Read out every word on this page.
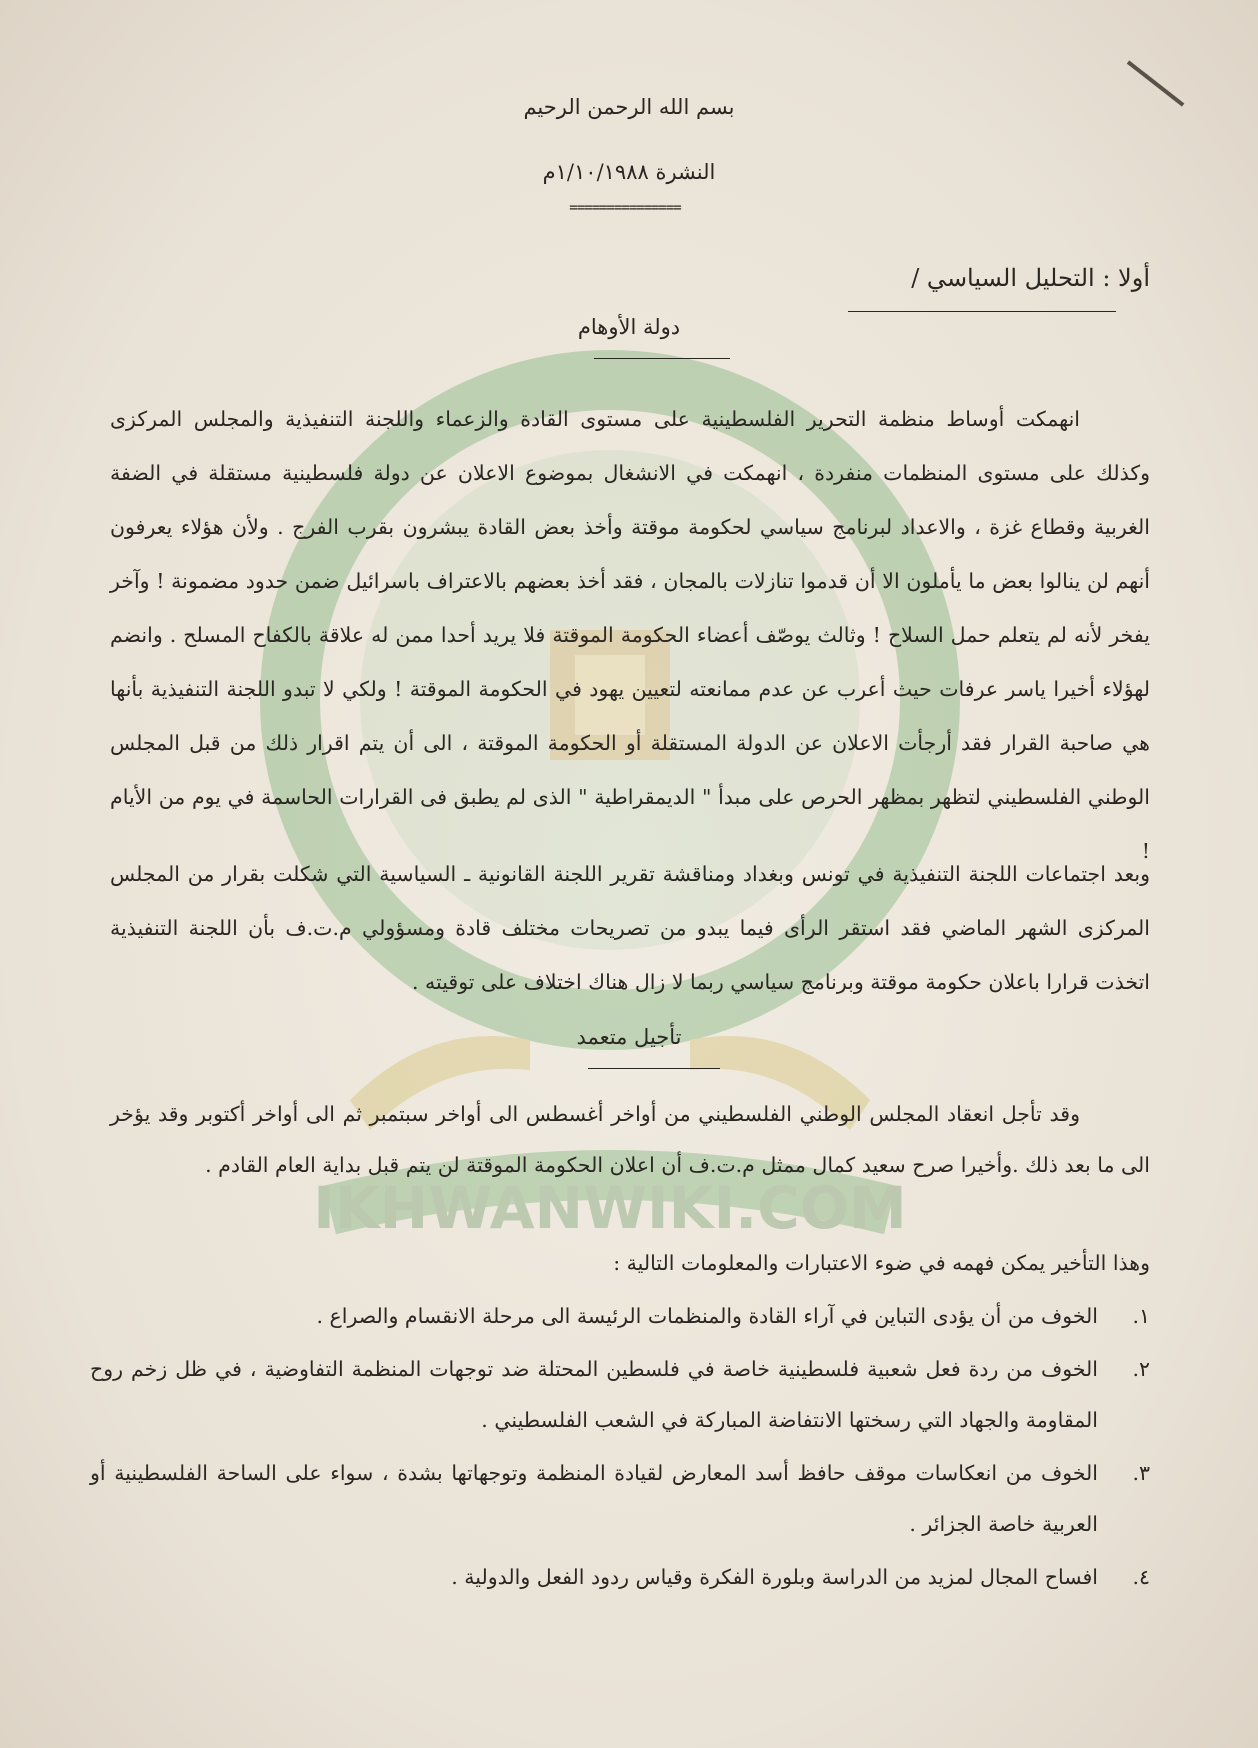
IKHWANWIKI.COM
بسم الله الرحمن الرحيم
النشرة ١/١٠/١٩٨٨م
===============
أولا : التحليل السياسي /
دولة الأوهام
انهمكت أوساط منظمة التحرير الفلسطينية على مستوى القادة والزعماء واللجنة التنفيذية والمجلس المركزى وكذلك على مستوى المنظمات منفردة ، انهمكت في الانشغال بموضوع الاعلان عن دولة فلسطينية مستقلة في الضفة الغربية وقطاع غزة ، والاعداد لبرنامج سياسي لحكومة موقتة وأخذ بعض القادة يبشرون بقرب الفرج . ولأن هؤلاء يعرفون أنهم لن ينالوا بعض ما يأملون الا أن قدموا تنازلات بالمجان ، فقد أخذ بعضهم بالاعتراف باسرائيل ضمن حدود مضمونة ! وآخر يفخر لأنه لم يتعلم حمل السلاح ! وثالث يوصّف أعضاء الحكومة الموقتة فلا يريد أحدا ممن له علاقة بالكفاح المسلح . وانضم لهؤلاء أخيرا ياسر عرفات حيث أعرب عن عدم ممانعته لتعيين يهود في الحكومة الموقتة ! ولكي لا تبدو اللجنة التنفيذية بأنها هي صاحبة القرار فقد أرجأت الاعلان عن الدولة المستقلة أو الحكومة الموقتة ، الى أن يتم اقرار ذلك من قبل المجلس الوطني الفلسطيني لتظهر بمظهر الحرص على مبدأ " الديمقراطية " الذى لم يطبق فى القرارات الحاسمة في يوم من الأيام !
وبعد اجتماعات اللجنة التنفيذية في تونس وبغداد ومناقشة تقرير اللجنة القانونية ـ السياسية التي شكلت بقرار من المجلس المركزى الشهر الماضي فقد استقر الرأى فيما يبدو من تصريحات مختلف قادة ومسؤولي م.ت.ف بأن اللجنة التنفيذية اتخذت قرارا باعلان حكومة موقتة وبرنامج سياسي ربما لا زال هناك اختلاف على توقيته .
تأجيل متعمد
وقد تأجل انعقاد المجلس الوطني الفلسطيني من أواخر أغسطس الى أواخر سبتمبر ثم الى أواخر أكتوبر وقد يؤخر الى ما بعد ذلك .وأخيرا صرح سعيد كمال ممثل م.ت.ف أن اعلان الحكومة الموقتة لن يتم قبل بداية العام القادم .
وهذا التأخير يمكن فهمه في ضوء الاعتبارات والمعلومات التالية :
١.
الخوف من أن يؤدى التباين في آراء القادة والمنظمات الرئيسة الى مرحلة الانقسام والصراع .
٢.
الخوف من ردة فعل شعبية فلسطينية خاصة في فلسطين المحتلة ضد توجهات المنظمة التفاوضية ، في ظل زخم روح المقاومة والجهاد التي رسختها الانتفاضة المباركة في الشعب الفلسطيني .
٣.
الخوف من انعكاسات موقف حافظ أسد المعارض لقيادة المنظمة وتوجهاتها بشدة ، سواء على الساحة الفلسطينية أو العربية خاصة الجزائر .
٤.
افساح المجال لمزيد من الدراسة وبلورة الفكرة وقياس ردود الفعل والدولية .
